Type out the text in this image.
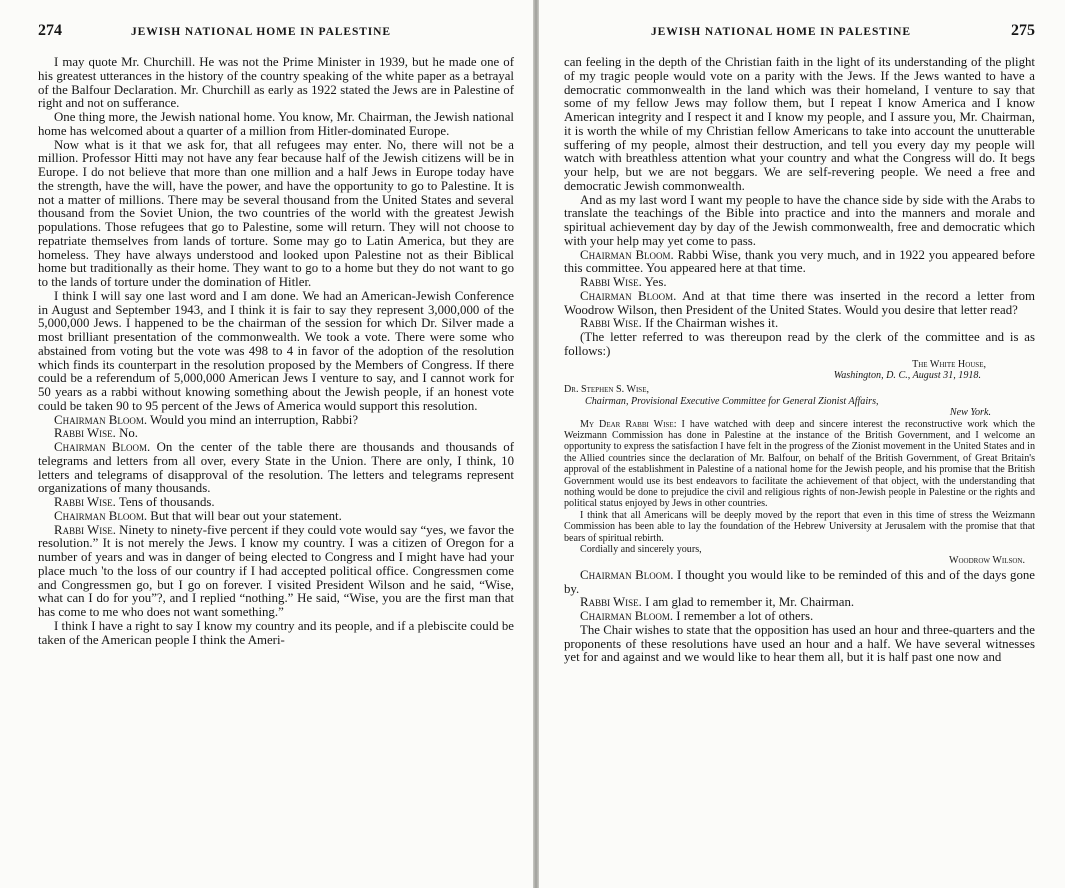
274	JEWISH NATIONAL HOME IN PALESTINE

I may quote Mr. Churchill. He was not the Prime Minister in 1939, but he made one of his greatest utterances in the history of the country speaking of the white paper as a betrayal of the Balfour Declaration. Mr. Churchill as early as 1922 stated the Jews are in Palestine of right and not on sufferance.

One thing more, the Jewish national home. You know, Mr. Chairman, the Jewish national home has welcomed about a quarter of a million from Hitler-dominated Europe.

Now what is it that we ask for, that all refugees may enter. No, there will not be a million. Professor Hitti may not have any fear because half of the Jewish citizens will be in Europe. I do not believe that more than one million and a half Jews in Europe today have the strength, have the will, have the power, and have the opportunity to go to Palestine. It is not a matter of millions. There may be several thousand from the United States and several thousand from the Soviet Union, the two countries of the world with the greatest Jewish populations. Those refugees that go to Palestine, some will return. They will not choose to repatriate themselves from lands of torture. Some may go to Latin America, but they are homeless. They have always understood and looked upon Palestine not as their Biblical home but traditionally as their home. They want to go to a home but they do not want to go to the lands of torture under the domination of Hitler.

I think I will say one last word and I am done. We had an American-Jewish Conference in August and September 1943, and I think it is fair to say they represent 3,000,000 of the 5,000,000 Jews. I happened to be the chairman of the session for which Dr. Silver made a most brilliant presentation of the commonwealth. We took a vote. There were some who abstained from voting but the vote was 498 to 4 in favor of the adoption of the resolution which finds its counterpart in the resolution proposed by the Members of Congress. If there could be a referendum of 5,000,000 American Jews I venture to say, and I cannot work for 50 years as a rabbi without knowing something about the Jewish people, if an honest vote could be taken 90 to 95 percent of the Jews of America would support this resolution.

Chairman Bloom. Would you mind an interruption, Rabbi?

Rabbi Wise. No.

Chairman Bloom. On the center of the table there are thousands and thousands of telegrams and letters from all over, every State in the Union. There are only, I think, 10 letters and telegrams of disapproval of the resolution. The letters and telegrams represent organizations of many thousands.

Rabbi Wise. Tens of thousands.

Chairman Bloom. But that will bear out your statement.

Rabbi Wise. Ninety to ninety-five percent if they could vote would say “yes, we favor the resolution.” It is not merely the Jews. I know my country. I was a citizen of Oregon for a number of years and was in danger of being elected to Congress and I might have had your place much 'to the loss of our country if I had accepted political office. Congressmen come and Congressmen go, but I go on forever. I visited President Wilson and he said, “Wise, what can I do for you”?, and I replied “nothing.” He said, “Wise, you are the first man that has come to me who does not want something.”

I think I have a right to say I know my country and its people, and if a plebiscite could be taken of the American people I think the Ameri-

JEWISH NATIONAL HOME IN PALESTINE	275

can feeling in the depth of the Christian faith in the light of its understanding of the plight of my tragic people would vote on a parity with the Jews. If the Jews wanted to have a democratic commonwealth in the land which was their homeland, I venture to say that some of my fellow Jews may follow them, but I repeat I know America and I know American integrity and I respect it and I know my people, and I assure you, Mr. Chairman, it is worth the while of my Christian fellow Americans to take into account the unutterable suffering of my people, almost their destruction, and tell you every day my people will watch with breathless attention what your country and what the Congress will do. It begs your help, but we are not beggars. We are self-revering people. We need a free and democratic Jewish commonwealth.

And as my last word I want my people to have the chance side by side with the Arabs to translate the teachings of the Bible into practice and into the manners and morale and spiritual achievement day by day of the Jewish commonwealth, free and democratic which with your help may yet come to pass.

Chairman Bloom. Rabbi Wise, thank you very much, and in 1922 you appeared before this committee. You appeared here at that time.

Rabbi Wise. Yes.

Chairman Bloom. And at that time there was inserted in the record a letter from Woodrow Wilson, then President of the United States. Would you desire that letter read?

Rabbi Wise. If the Chairman wishes it.

(The letter referred to was thereupon read by the clerk of the committee and is as follows:)

The White House,

Washington, D. C., August 31, 1918.

Dr. Stephen S. Wise,

Chairman, Provisional Executive Committee for General Zionist Affairs,

New York.

My Dear Rabbi Wise: I have watched with deep and sincere interest the reconstructive work which the Weizmann Commission has done in Palestine at the instance of the British Government, and I welcome an opportunity to express the satisfaction I have felt in the progress of the Zionist movement in the United States and in the Allied countries since the declaration of Mr. Balfour, on behalf of the British Government, of Great Britain's approval of the establishment in Palestine of a national home for the Jewish people, and his promise that the British Government would use its best endeavors to facilitate the achievement of that object, with the understanding that nothing would be done to prejudice the civil and religious rights of non-Jewish people in Palestine or the rights and political status enjoyed by Jews in other countries.

I think that all Americans will be deeply moved by the report that even in this time of stress the Weizmann Commission has been able to lay the foundation of the Hebrew University at Jerusalem with the promise that that bears of spiritual rebirth.

Cordially and sincerely yours,

Woodrow Wilson.

Chairman Bloom. I thought you would like to be reminded of this and of the days gone by.

Rabbi Wise. I am glad to remember it, Mr. Chairman.

Chairman Bloom. I remember a lot of others.

The Chair wishes to state that the opposition has used an hour and three-quarters and the proponents of these resolutions have used an hour and a half. We have several witnesses yet for and against and we would like to hear them all, but it is half past one now and
